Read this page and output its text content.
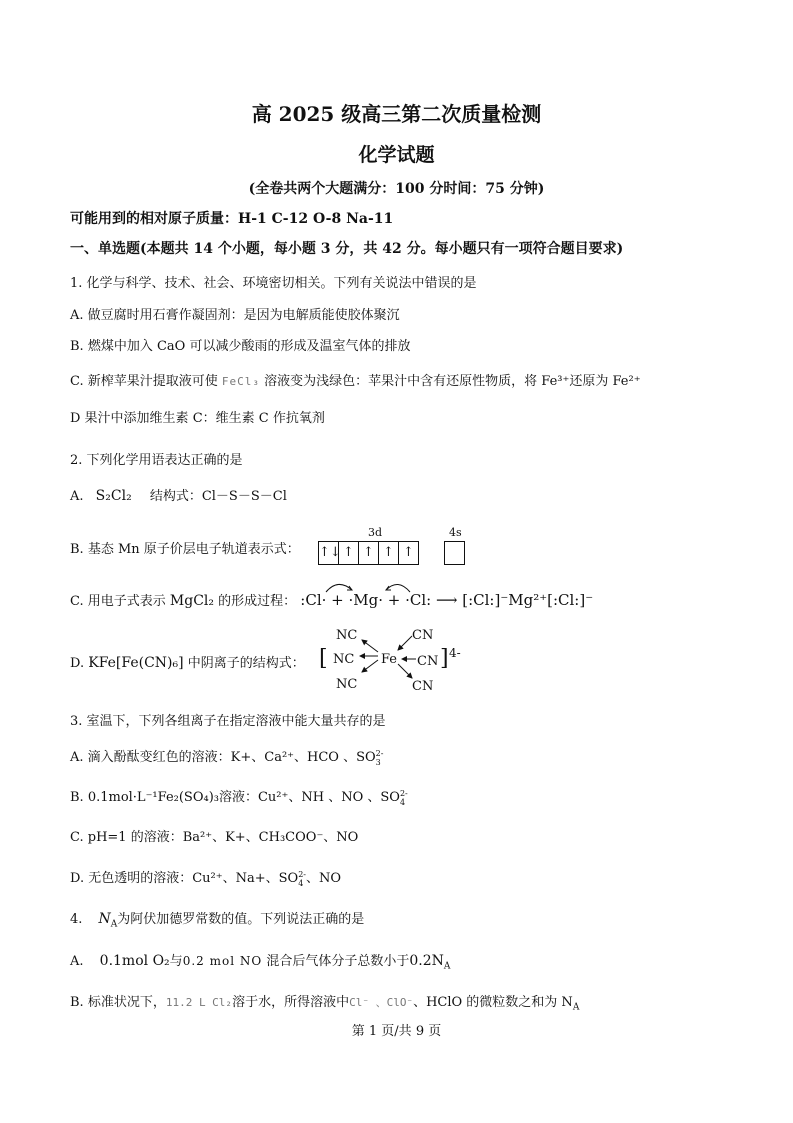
高 2025 级高三第二次质量检测
化学试题
(全卷共两个大题满分：100 分时间：75 分钟)
可能用到的相对原子质量：H-1 C-12 O-8 Na-11
一、单选题(本题共 14 个小题，每小题 3 分，共 42 分。每小题只有一项符合题目要求)
1. 化学与科学、技术、社会、环境密切相关。下列有关说法中错误的是
A. 做豆腐时用石膏作凝固剂：是因为电解质能使胶体聚沉
B. 燃煤中加入 CaO 可以减少酸雨的形成及温室气体的排放
C. 新榨苹果汁提取液可使 FeCl₃ 溶液变为浅绿色：苹果汁中含有还原性物质，将 Fe³⁺还原为 Fe²⁺
D 果汁中添加维生素 C：维生素 C 作抗氧剂
2. 下列化学用语表达正确的是
A. S₂Cl₂ 结构式：Cl－S－S－Cl
B. 基态 Mn 原子价层电子轨道表示式：
3d	4s
↑↓ ↑ ↑ ↑ ↑
C. 用电子式表示 MgCl₂ 的形成过程： :Cl· + ·Mg· + ·Cl: ⟶ [:Cl:]⁻Mg²⁺[:Cl:]⁻
D. KFe[Fe(CN)₆] 中阴离子的结构式： [
NC
NC
NC
Fe
CN
CN
CN
] 4-
3. 室温下，下列各组离子在指定溶液中能大量共存的是
A. 滴入酚酞变红色的溶液：K+、Ca²⁺、HCO 、SO2-
3
B. 0.1mol·L⁻¹Fe₂(SO₄)₃溶液：Cu²⁺、NH 、NO 、SO2-
4
C. pH=1 的溶液：Ba²⁺、K+、CH₃COO⁻、NO
D. 无色透明的溶液：Cu²⁺、Na+、SO2-
4 、NO
4. $N_A$为阿伏加德罗常数的值。下列说法正确的是
A. 0.1mol O₂与0.2 mol NO 混合后气体分子总数小于$0.2N_A$
B. 标准状况下，11.2 L Cl₂溶于水，所得溶液中Cl⁻ 、ClO⁻、HClO 的微粒数之和为 $N_A$
第 1 页/共 9 页
